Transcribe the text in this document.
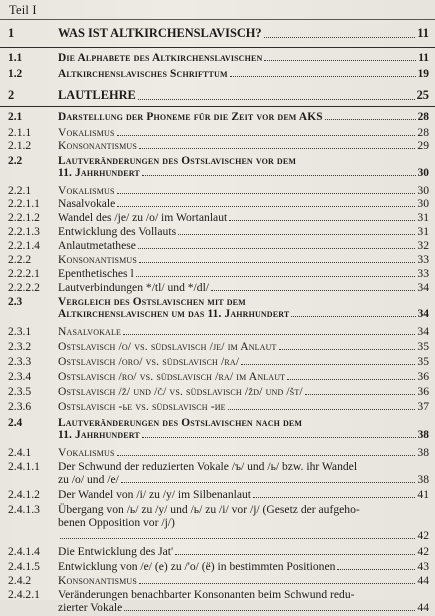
Teil I
1	WAS IST ALTKIRCHENSLAVISCH?	11
1.1	Die Alphabete des Altkirchenslavischen	11
1.2	Altkirchenslavisches Schrifttum	19
2	LAUTLEHRE	25
2.1	Darstellung der Phoneme für die Zeit vor dem AKS	28
2.1.1	Vokalismus	28
2.1.2	Konsonantismus	29
2.2	Lautveränderungen des Ostslavischen vor dem
11. Jahrhundert	30
2.2.1	Vokalismus	30
2.2.1.1	Nasalvokale	30
2.2.1.2	Wandel des /je/ zu /o/ im Wortanlaut	31
2.2.1.3	Entwicklung des Vollauts	31
2.2.1.4	Anlautmetathese	32
2.2.2	Konsonantismus	33
2.2.2.1	Epenthetisches l	33
2.2.2.2	Lautverbindungen */tl/ und */dl/	34
2.3	Vergleich des Ostslavischen mit dem
Altkirchenslavischen um das 11. Jahrhundert	34
2.3.1	Nasalvokale	34
2.3.2	Ostslavisch /o/ vs. südslavisch /je/ im Anlaut	35
2.3.3	Ostslavisch /oro/ vs. südslavisch /ra/	35
2.3.4	Ostslavisch /ro/ vs. südslavisch /ra/ im Anlaut	36
2.3.5	Ostslavisch /ž/ und /č/ vs. südslavisch /žd/ und /št/	36
2.3.6	Ostslavisch -ье vs. südslavisch -ие	37
2.4	Lautveränderungen des Ostslavischen nach dem
11. Jahrhundert	38
2.4.1	Vokalismus	38
2.4.1.1	Der Schwund der reduzierten Vokale /ъ/ und /ь/ bzw. ihr Wandel
zu /o/ und /e/	38
2.4.1.2	Der Wandel von /i/ zu /y/ im Silbenanlaut	41
2.4.1.3	Übergang von /ь/ zu /y/ und /ь/ zu /i/ vor /j/ (Gesetz der aufgeho-
benen Opposition vor /j/)
42
2.4.1.4	Die Entwicklung des Jat'	42
2.4.1.5	Entwicklung von /e/ (e) zu /'o/ (ё) in bestimmten Positionen	43
2.4.2	Konsonantismus	44
2.4.2.1	Veränderungen benachbarter Konsonanten beim Schwund redu-
zierter Vokale	44
